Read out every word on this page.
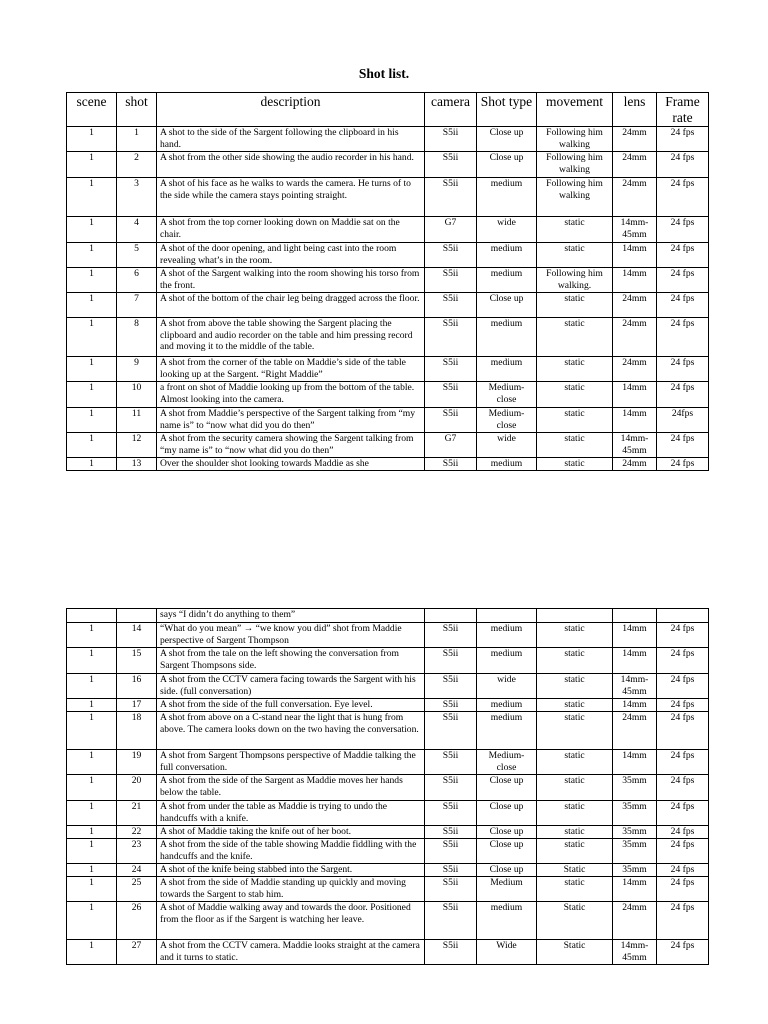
Shot list.
scene	shot	description	camera	Shot type	movement	lens	Frame rate
1	1	A shot to the side of the Sargent following the clipboard in his hand.	S5ii	Close up	Following him walking	24mm	24 fps
1	2	A shot from the other side showing the audio recorder in his hand.	S5ii	Close up	Following him walking	24mm	24 fps
1	3	A shot of his face as he walks to wards the camera. He turns of to the side while the camera stays pointing straight.	S5ii	medium	Following him walking	24mm	24 fps
1	4	A shot from the top corner looking down on Maddie sat on the chair.	G7	wide	static	14mm-45mm	24 fps
1	5	A shot of the door opening, and light being cast into the room revealing what’s in the room.	S5ii	medium	static	14mm	24 fps
1	6	A shot of the Sargent walking into the room showing his torso from the front.	S5ii	medium	Following him walking.	14mm	24 fps
1	7	A shot of the bottom of the chair leg being dragged across the floor.	S5ii	Close up	static	24mm	24 fps
1	8	A shot from above the table showing the Sargent placing the clipboard and audio recorder on the table and him pressing record and moving it to the middle of the table.	S5ii	medium	static	24mm	24 fps
1	9	A shot from the corner of the table on Maddie’s side of the table looking up at the Sargent. “Right Maddie”	S5ii	medium	static	24mm	24 fps
1	10	a front on shot of Maddie looking up from the bottom of the table. Almost looking into the camera.	S5ii	Medium-close	static	14mm	24 fps
1	11	A shot from Maddie’s perspective of the Sargent talking from “my name is” to “now what did you do then”	S5ii	Medium-close	static	14mm	24fps
1	12	A shot from the security camera showing the Sargent talking from “my name is” to “now what did you do then”	G7	wide	static	14mm-45mm	24 fps
1	13	Over the shoulder shot looking towards Maddie as she	S5ii	medium	static	24mm	24 fps
		says “I didn’t do anything to them”					
1	14	“What do you mean” → “we know you did” shot from Maddie perspective of Sargent Thompson	S5ii	medium	static	14mm	24 fps
1	15	A shot from the tale on the left showing the conversation from Sargent Thompsons side.	S5ii	medium	static	14mm	24 fps
1	16	A shot from the CCTV camera facing towards the Sargent with his side. (full conversation)	S5ii	wide	static	14mm-45mm	24 fps
1	17	A shot from the side of the full conversation. Eye level.	S5ii	medium	static	14mm	24 fps
1	18	A shot from above on a C-stand near the light that is hung from above. The camera looks down on the two having the conversation.	S5ii	medium	static	24mm	24 fps
1	19	A shot from Sargent Thompsons perspective of Maddie talking the full conversation.	S5ii	Medium-close	static	14mm	24 fps
1	20	A shot from the side of the Sargent as Maddie moves her hands below the table.	S5ii	Close up	static	35mm	24 fps
1	21	A shot from under the table as Maddie is trying to undo the handcuffs with a knife.	S5ii	Close up	static	35mm	24 fps
1	22	A shot of Maddie taking the knife out of her boot.	S5ii	Close up	static	35mm	24 fps
1	23	A shot from the side of the table showing Maddie fiddling with the handcuffs and the knife.	S5ii	Close up	static	35mm	24 fps
1	24	A shot of the knife being stabbed into the Sargent.	S5ii	Close up	Static	35mm	24 fps
1	25	A shot from the side of Maddie standing up quickly and moving towards the Sargent to stab him.	S5ii	Medium	static	14mm	24 fps
1	26	A shot of Maddie walking away and towards the door. Positioned from the floor as if the Sargent is watching her leave.	S5ii	medium	Static	24mm	24 fps
1	27	A shot from the CCTV camera. Maddie looks straight at the camera and it turns to static.	S5ii	Wide	Static	14mm-45mm	24 fps
